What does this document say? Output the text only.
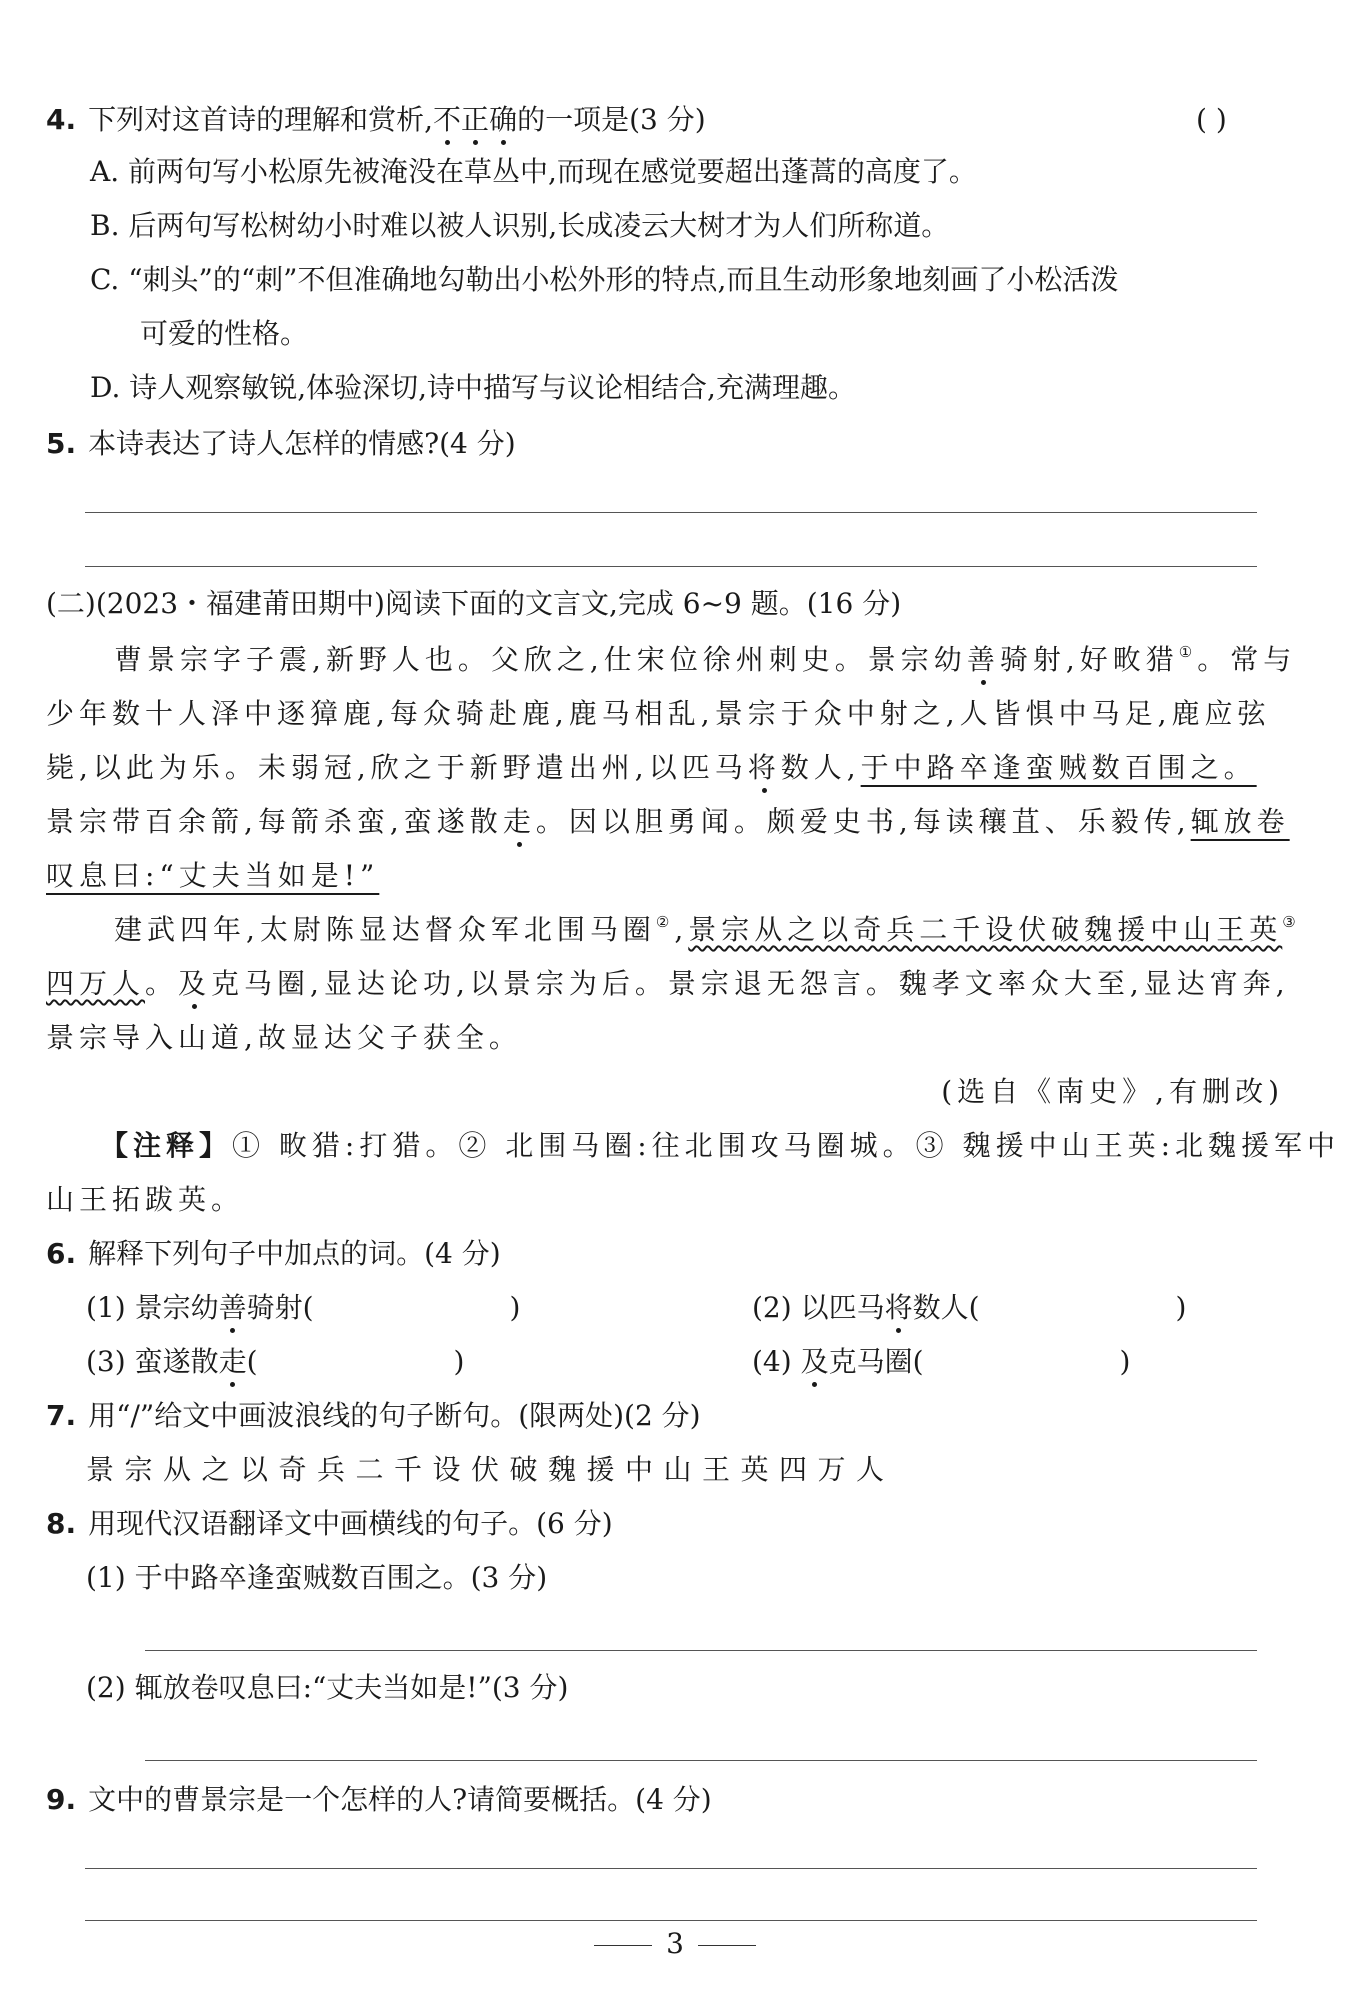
4. 下列对这首诗的理解和赏析,不正确的一项是(3 分)	( )
A. 前两句写小松原先被淹没在草丛中,而现在感觉要超出蓬蒿的高度了。
B. 后两句写松树幼小时难以被人识别,长成凌云大树才为人们所称道。
C. “刺头”的“刺”不但准确地勾勒出小松外形的特点,而且生动形象地刻画了小松活泼
可爱的性格。
D. 诗人观察敏锐,体验深切,诗中描写与议论相结合,充满理趣。
5. 本诗表达了诗人怎样的情感?(4 分)
(二)(2023・福建莆田期中)阅读下面的文言文,完成 6~9 题。(16 分)
曹景宗字子震,新野人也。父欣之,仕宋位徐州刺史。景宗幼善骑射,好畋猎①。常与
少年数十人泽中逐獐鹿,每众骑赴鹿,鹿马相乱,景宗于众中射之,人皆惧中马足,鹿应弦
毙,以此为乐。未弱冠,欣之于新野遣出州,以匹马将数人,于中路卒逢蛮贼数百围之。
景宗带百余箭,每箭杀蛮,蛮遂散走。因以胆勇闻。颇爱史书,每读穰苴、乐毅传,辄放卷
叹息曰:“丈夫当如是!”
建武四年,太尉陈显达督众军北围马圈②,景宗从之以奇兵二千设伏破魏援中山王英③
四万人。及克马圈,显达论功,以景宗为后。景宗退无怨言。魏孝文率众大至,显达宵奔,
景宗导入山道,故显达父子获全。
(选自《南史》,有删改)
【注释】① 畋猎:打猎。② 北围马圈:往北围攻马圈城。③ 魏援中山王英:北魏援军中
山王拓跋英。
6. 解释下列句子中加点的词。(4 分)
(1) 景宗幼善骑射(	)	(2) 以匹马将数人(	)
(3) 蛮遂散走(	)	(4) 及克马圈(	)
7. 用“/”给文中画波浪线的句子断句。(限两处)(2 分)
景宗从之以奇兵二千设伏破魏援中山王英四万人
8. 用现代汉语翻译文中画横线的句子。(6 分)
(1) 于中路卒逢蛮贼数百围之。(3 分)
(2) 辄放卷叹息曰:“丈夫当如是!”(3 分)
9. 文中的曹景宗是一个怎样的人?请简要概括。(4 分)
3
